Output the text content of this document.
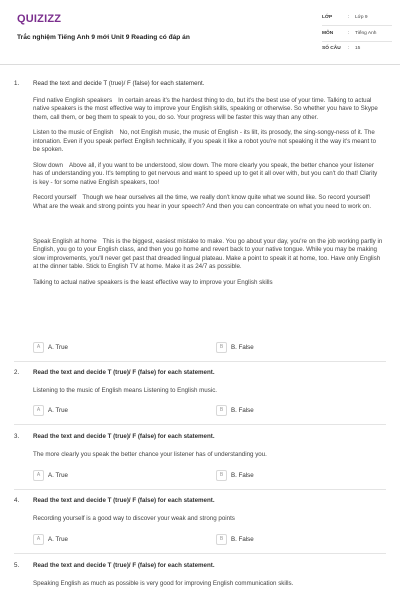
QUIZIZZ
Trắc nghiệm Tiếng Anh 9 mới Unit 9 Reading có đáp án
LỚP	: Lớp 9
MÔN	: Tiếng Anh
SỐ CÂU : 15
1. Read the text and decide T (true)/ F (false) for each statement.
Find native English speakers In certain areas it's the hardest thing to do, but it's the best use of your time. Talking to actual native speakers is the most effective way to improve your English skills, speaking or otherwise. So whether you have to Skype them, call them, or beg them to speak to you, do so. Your progress will be faster this way than any other.
Listen to the music of English No, not English music, the music of English - its lilt, its prosody, the sing-songy-ness of it. The intonation. Even if you speak perfect English technically, if you speak it like a robot you're not speaking it the way it's meant to be spoken.
Slow down Above all, if you want to be understood, slow down. The more clearly you speak, the better chance your listener has of understanding you. It's tempting to get nervous and want to speed up to get it all over with, but you can't do that! Clarity is key - for some native English speakers, too!
Record yourself Though we hear ourselves all the time, we really don't know quite what we sound like. So record yourself! What are the weak and strong points you hear in your speech? And then you can concentrate on what you need to work on.
Speak English at home This is the biggest, easiest mistake to make. You go about your day, you're on the job working partly in English, you go to your English class, and then you go home and revert back to your native tongue. While you may be making slow improvements, you'll never get past that dreaded lingual plateau. Make a point to speak it at home, too. Have only English at the dinner table. Stick to English TV at home. Make it as 24/7 as possible.
Talking to actual native speakers is the least effective way to improve your English skills
A	A. True	B	B. False
2. Read the text and decide T (true)/ F (false) for each statement.
Listening to the music of English means Listening to English music.
A	A. True	B	B. False
3. Read the text and decide T (true)/ F (false) for each statement.
The more clearly you speak the better chance your listener has of understanding you.
A	A. True	B	B. False
4. Read the text and decide T (true)/ F (false) for each statement.
Recording yourself is a good way to discover your weak and strong points
A	A. True	B	B. False
5. Read the text and decide T (true)/ F (false) for each statement.
Speaking English as much as possible is very good for improving English communication skills.
